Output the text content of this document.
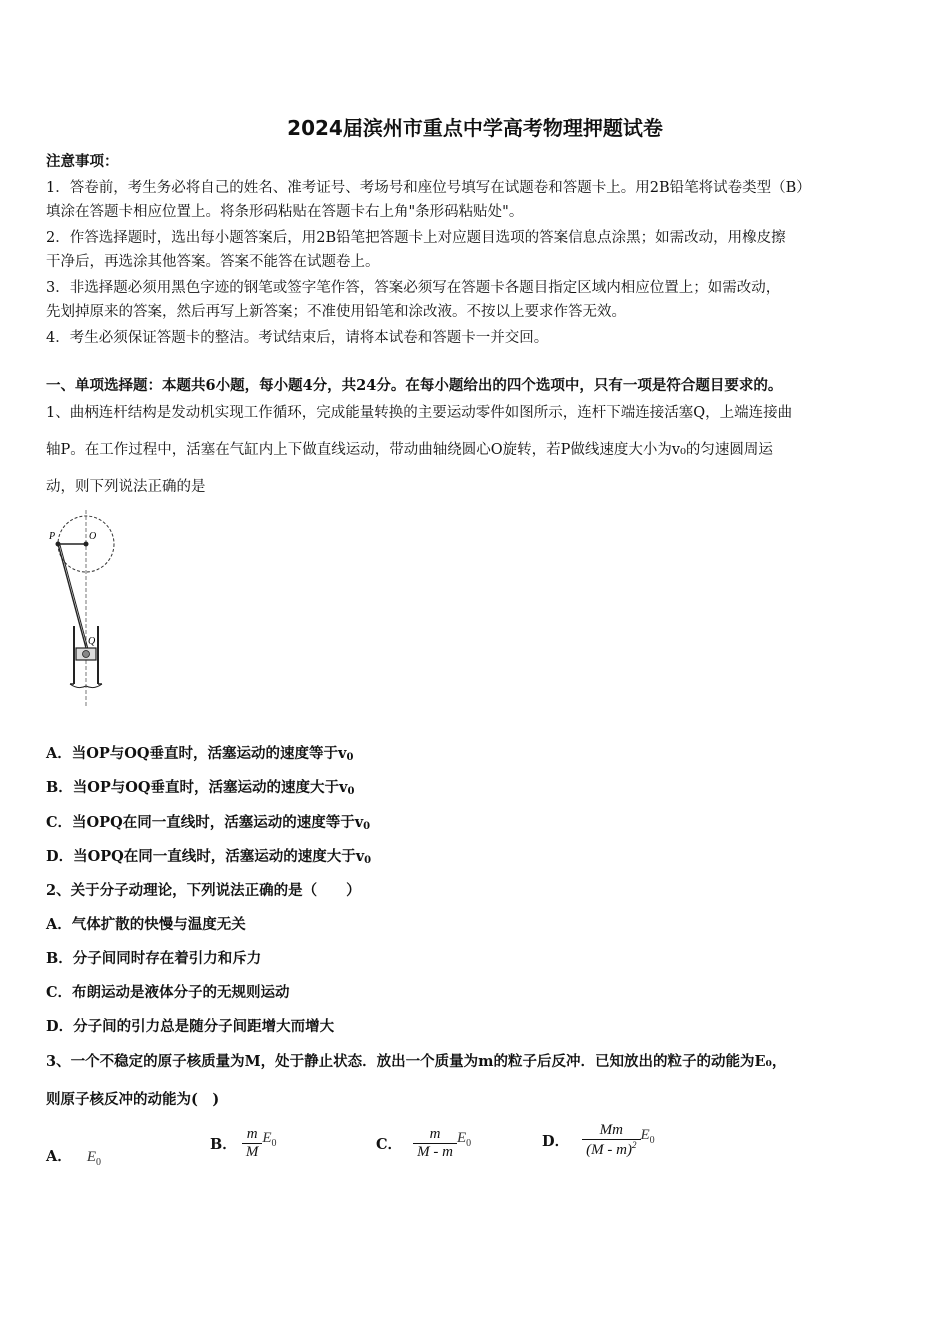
2024届滨州市重点中学高考物理押题试卷
注意事项：
1．答卷前，考生务必将自己的姓名、准考证号、考场号和座位号填写在试题卷和答题卡上。用2B铅笔将试卷类型（B）
填涂在答题卡相应位置上。将条形码粘贴在答题卡右上角"条形码粘贴处"。
2．作答选择题时，选出每小题答案后，用2B铅笔把答题卡上对应题目选项的答案信息点涂黑；如需改动，用橡皮擦
干净后，再选涂其他答案。答案不能答在试题卷上。
3．非选择题必须用黑色字迹的钢笔或签字笔作答，答案必须写在答题卡各题目指定区域内相应位置上；如需改动，
先划掉原来的答案，然后再写上新答案；不准使用铅笔和涂改液。不按以上要求作答无效。
4．考生必须保证答题卡的整洁。考试结束后，请将本试卷和答题卡一并交回。
一、单项选择题：本题共6小题，每小题4分，共24分。在每小题给出的四个选项中，只有一项是符合题目要求的。
1、曲柄连杆结构是发动机实现工作循环，完成能量转换的主要运动零件如图所示，连杆下端连接活塞Q，上端连接曲
轴P。在工作过程中，活塞在气缸内上下做直线运动，带动曲轴绕圆心O旋转，若P做线速度大小为v₀的匀速圆周运
动，则下列说法正确的是
P	O
Q
A．当OP与OQ垂直时，活塞运动的速度等于$v_0$
B．当OP与OQ垂直时，活塞运动的速度大于$v_0$
C．当OPQ在同一直线时，活塞运动的速度等于$v_0$
D．当OPQ在同一直线时，活塞运动的速度大于$v_0$
2、关于分子动理论，下列说法正确的是（　　）
A．气体扩散的快慢与温度无关
B．分子间同时存在着引力和斥力
C．布朗运动是液体分子的无规则运动
D．分子间的引力总是随分子间距增大而增大
3、一个不稳定的原子核质量为M，处于静止状态．放出一个质量为m的粒子后反冲．已知放出的粒子的动能为E₀，
则原子核反冲的动能为(　)
A． $E_0$
B． $\frac{m}{M} E_0$	C． $\frac{m}{M - m} E_0$	D． $\frac{Mm}{(M - m)^2} E_0$
